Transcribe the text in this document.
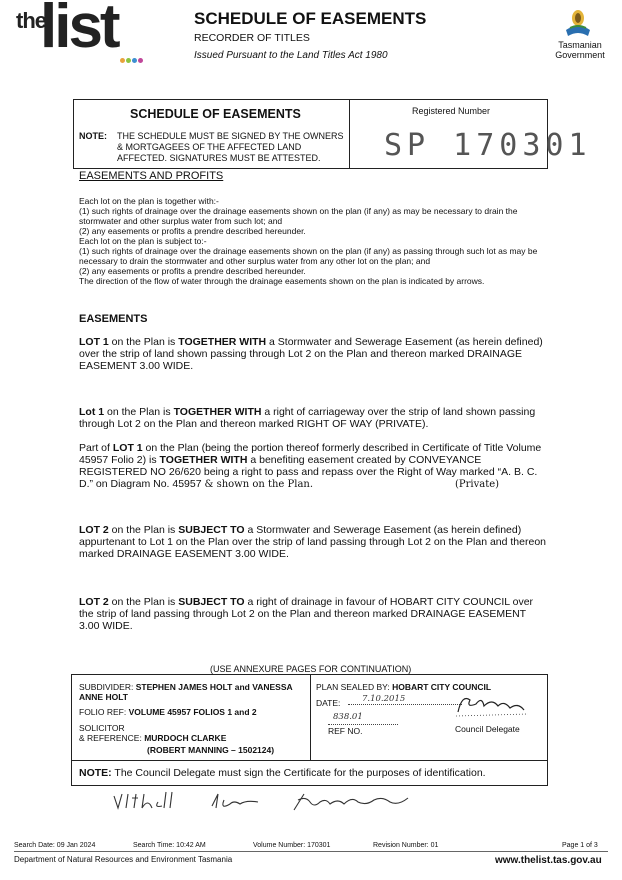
the
list	SCHEDULE OF EASEMENTS
RECORDER OF TITLES
Issued Pursuant to the Land Titles Act 1980
Tasmanian
Government
SCHEDULE OF EASEMENTS
NOTE: THE SCHEDULE MUST BE SIGNED BY THE OWNERS & MORTGAGEES OF THE AFFECTED LAND AFFECTED. SIGNATURES MUST BE ATTESTED.
Registered Number
SP 170301
EASEMENTS AND PROFITS
Each lot on the plan is together with:-
(1) such rights of drainage over the drainage easements shown on the plan (if any) as may be necessary to drain the stormwater and other surplus water from such lot; and
(2) any easements or profits a prendre described hereunder.
Each lot on the plan is subject to:-
(1) such rights of drainage over the drainage easements shown on the plan (if any) as passing through such lot as may be necessary to drain the stormwater and other surplus water from any other lot on the plan; and
(2) any easements or profits a prendre described hereunder.
The direction of the flow of water through the drainage easements shown on the plan is indicated by arrows.
EASEMENTS
LOT 1 on the Plan is TOGETHER WITH a Stormwater and Sewerage Easement (as herein defined) over the strip of land shown passing through Lot 2 on the Plan and thereon marked DRAINAGE EASEMENT 3.00 WIDE.
Lot 1 on the Plan is TOGETHER WITH a right of carriageway over the strip of land shown passing through Lot 2 on the Plan and thereon marked RIGHT OF WAY (PRIVATE).
Part of LOT 1 on the Plan (being the portion thereof formerly described in Certificate of Title Volume 45957 Folio 2) is TOGETHER WITH a benefiting easement created by CONVEYANCE REGISTERED NO 26/620 being a right to pass and repass over the Right of Way marked “A. B. C. D.” on Diagram No. 45957 & shown on the Plan.	(Private)
LOT 2 on the Plan is SUBJECT TO a Stormwater and Sewerage Easement (as herein defined) appurtenant to Lot 1 on the Plan over the strip of land passing through Lot 2 on the Plan and thereon marked DRAINAGE EASEMENT 3.00 WIDE.
LOT 2 on the Plan is SUBJECT TO a right of drainage in favour of HOBART CITY COUNCIL over the strip of land passing through Lot 2 on the Plan and thereon marked DRAINAGE EASEMENT 3.00 WIDE.
(USE ANNEXURE PAGES FOR CONTINUATION)
SUBDIVIDER: STEPHEN JAMES HOLT and VANESSA ANNE HOLT
FOLIO REF: VOLUME 45957 FOLIOS 1 and 2
SOLICITOR
& REFERENCE: MURDOCH CLARKE
(ROBERT MANNING – 1502124)
PLAN SEALED BY: HOBART CITY COUNCIL
DATE:	7.10.2015
838.01
REF NO.	Council Delegate
NOTE: The Council Delegate must sign the Certificate for the purposes of identification.
Search Date: 09 Jan 2024	Search Time: 10:42 AM	Volume Number: 170301	Revision Number: 01	Page 1 of 3
Department of Natural Resources and Environment Tasmania	www.thelist.tas.gov.au
